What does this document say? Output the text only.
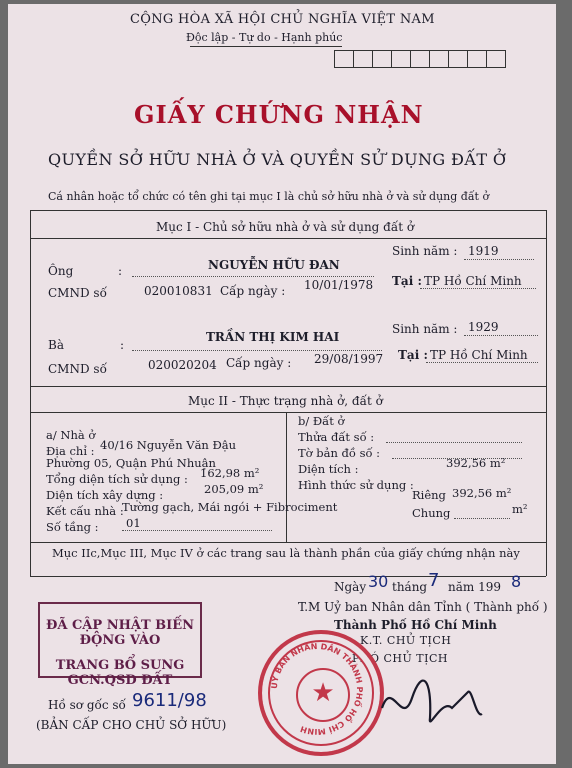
CỘNG HÒA XÃ HỘI CHỦ NGHĨA VIỆT NAM
Độc lập - Tự do - Hạnh phúc
GIẤY CHỨNG NHẬN
QUYỀN SỞ HỮU NHÀ Ở VÀ QUYỀN SỬ DỤNG ĐẤT Ở
Cá nhân hoặc tổ chức có tên ghi tại mục I là chủ sở hữu nhà ở và sử dụng đất ở
Mục I - Chủ sở hữu nhà ở và sử dụng đất ở
Ông	:	NGUYỄN HỮU ĐAN
Sinh năm : 1919
CMND số	020010831 Cấp ngày : 10/01/1978 Tại : TP Hồ Chí Minh
Bà	:
TRẦN THỊ KIM HAI
Sinh năm : 1929
CMND số	020020204 Cấp ngày : 29/08/1997 Tại : TP Hồ Chí Minh
Mục II - Thực trạng nhà ở, đất ở
a/ Nhà ở
Địa chỉ : 40/16 Nguyễn Văn Đậu
Phường 05, Quận Phú Nhuận
Tổng diện tích sử dụng : 162,98 m²
Diện tích xây dựng :	205,09 m²
Kết cấu nhà :
Tường gạch, Mái ngói + Fibrociment
Số tầng : 01
b/ Đất ở
Thửa đất số :
Tờ bản đồ số :
Diện tích :	392,56 m²
Hình thức sử dụng :
Riêng 392,56 m²
Chung	m²
Mục IIc,Mục III, Mục IV ở các trang sau là thành phần của giấy chứng nhận này
Ngày 30 tháng 7 năm 199 8
T.M Uỷ ban Nhân dân Tỉnh ( Thành phố )
Thành Phố Hồ Chí Minh
K.T. CHỦ TỊCH
PHÓ CHỦ TỊCH
ĐÃ CẬP NHẬT BIẾN ĐỘNG VÀO
TRANG BỔ SUNG GCN.QSD ĐẤT
Hồ sơ gốc số 9611/98
(BẢN CẤP CHO CHỦ SỞ HỮU)
UỶ BAN NHÂN DÂN THÀNH PHỐ HỒ CHÍ MINH
★
